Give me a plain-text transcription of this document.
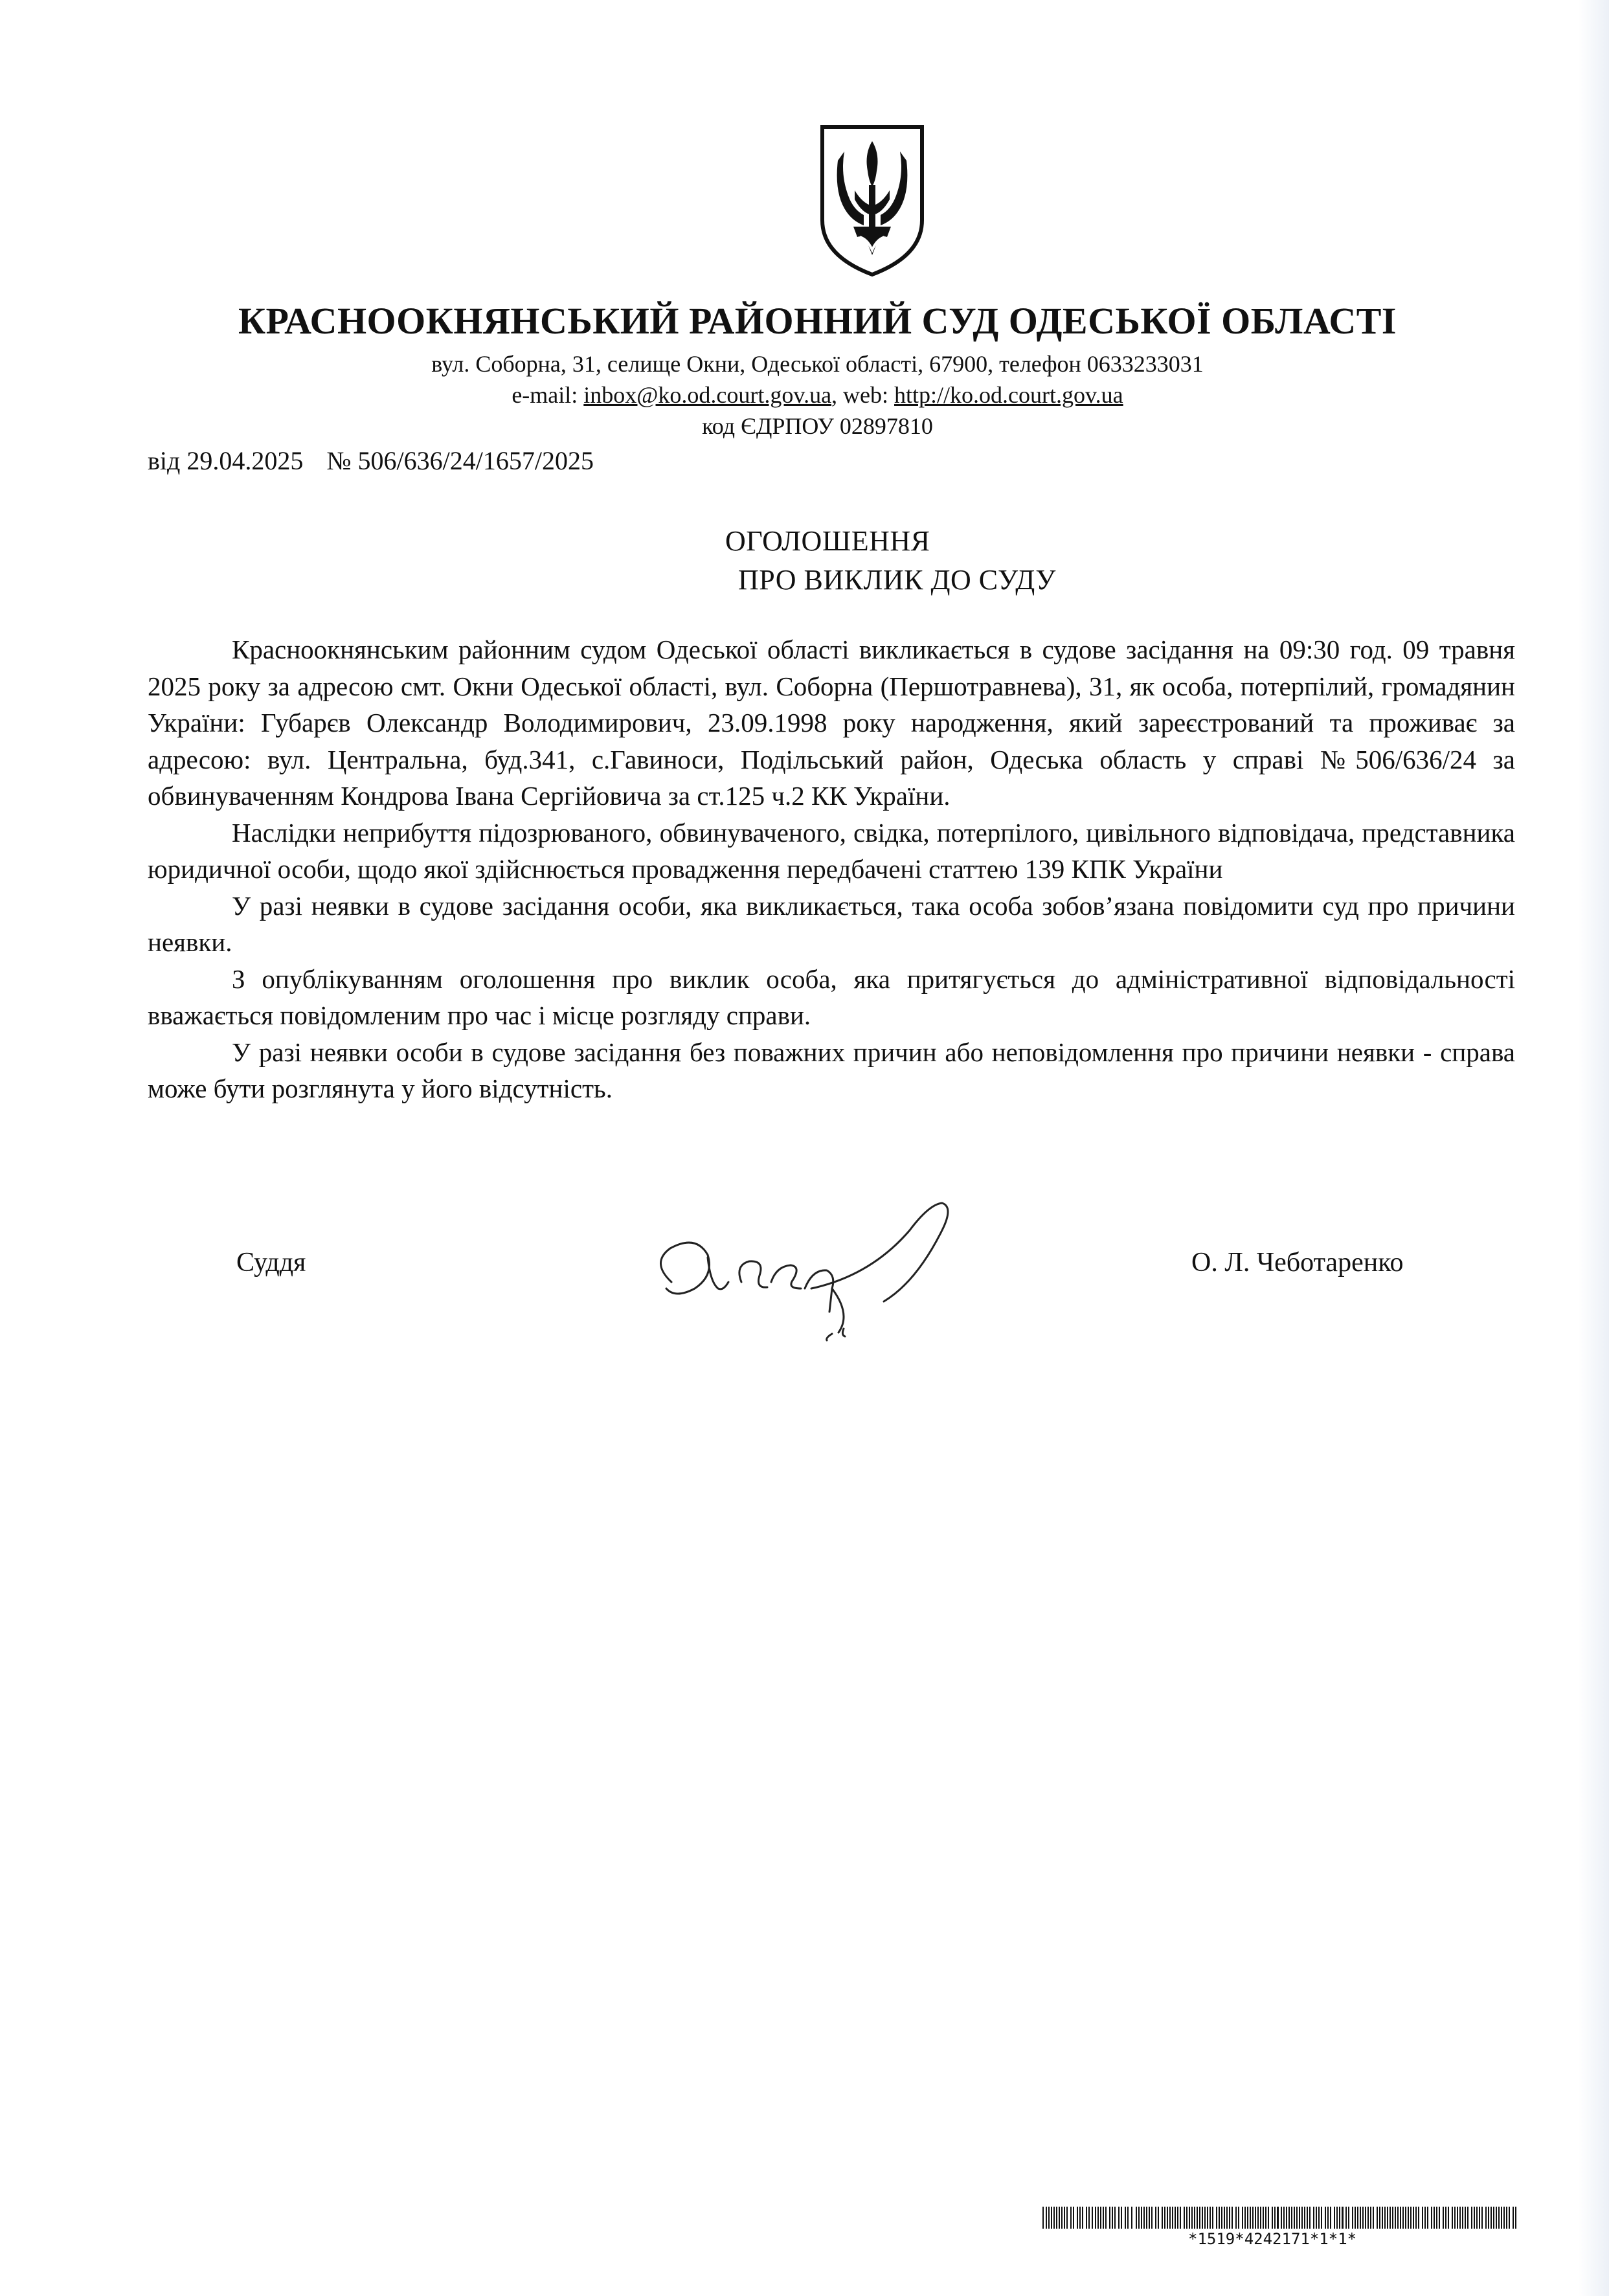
КРАСНООКНЯНСЬКИЙ РАЙОННИЙ СУД ОДЕСЬКОЇ ОБЛАСТІ
вул. Соборна, 31, селище Окни, Одеської області, 67900, телефон 0633233031
e-mail: inbox@ko.od.court.gov.ua, web: http://ko.od.court.gov.ua
код ЄДРПОУ 02897810
від 29.04.2025 № 506/636/24/1657/2025
ОГОЛОШЕННЯ
ПРО ВИКЛИК ДО СУДУ

Красноокнянським районним судом Одеської області викликається в судове засідання на 09:30 год. 09 травня 2025 року за адресою смт. Окни Одеської області, вул. Соборна (Першотравнева), 31, як особа, потерпілий, громадянин України: Губарєв Олександр Володимирович, 23.09.1998 року народження, який зареєстрований та проживає за адресою: вул. Центральна, буд.341, с.Гавиноси, Подільський район, Одеська область у справі №506/636/24 за обвинуваченням Кондрова Івана Сергійовича за ст.125 ч.2 КК України.

Наслідки неприбуття підозрюваного, обвинуваченого, свідка, потерпілого, цивільного відповідача, представника юридичної особи, щодо якої здійснюється провадження передбачені статтею 139 КПК України

У разі неявки в судове засідання особи, яка викликається, така особа зобов’язана повідомити суд про причини неявки.

З опублікуванням оголошення про виклик особа, яка притягується до адміністративної відповідальності вважається повідомленим про час і місце розгляду справи.

У разі неявки особи в судове засідання без поважних причин або неповідомлення про причини неявки - справа може бути розглянута у його відсутність.

Суддя	О. Л. Чеботаренко
*1519*4242171*1*1*
